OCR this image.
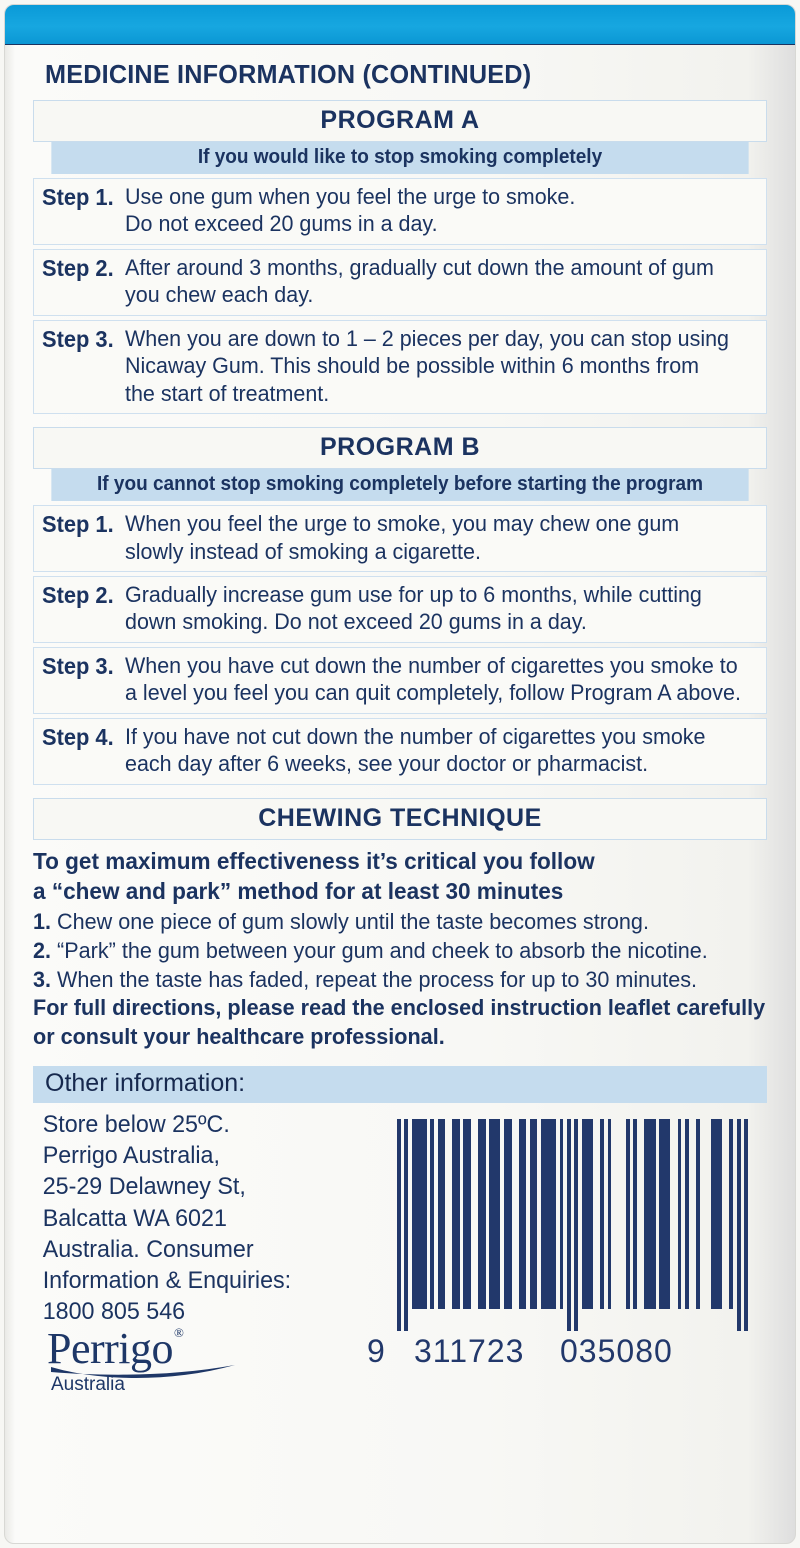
MEDICINE INFORMATION (CONTINUED)
PROGRAM A
If you would like to stop smoking completely
Step 1. Use one gum when you feel the urge to smoke.
Do not exceed 20 gums in a day.
Step 2. After around 3 months, gradually cut down the amount of gum
you chew each day.
Step 3. When you are down to 1 – 2 pieces per day, you can stop using
Nicaway Gum. This should be possible within 6 months from
the start of treatment.
PROGRAM B
If you cannot stop smoking completely before starting the program
Step 1. When you feel the urge to smoke, you may chew one gum
slowly instead of smoking a cigarette.
Step 2. Gradually increase gum use for up to 6 months, while cutting
down smoking. Do not exceed 20 gums in a day.
Step 3. When you have cut down the number of cigarettes you smoke to
a level you feel you can quit completely, follow Program A above.
Step 4. If you have not cut down the number of cigarettes you smoke
each day after 6 weeks, see your doctor or pharmacist.
CHEWING TECHNIQUE
To get maximum effectiveness it’s critical you follow
a “chew and park” method for at least 30 minutes
1. Chew one piece of gum slowly until the taste becomes strong.
2. “Park” the gum between your gum and cheek to absorb the nicotine.
3. When the taste has faded, repeat the process for up to 30 minutes.
For full directions, please read the enclosed instruction leaflet carefully
or consult your healthcare professional.
Other information:
Store below 25ºC.
Perrigo Australia,
25-29 Delawney St,
Balcatta WA 6021
Australia. Consumer
Information & Enquiries:
1800 805 546
Perrigo®
Australia
9 311723 035080
